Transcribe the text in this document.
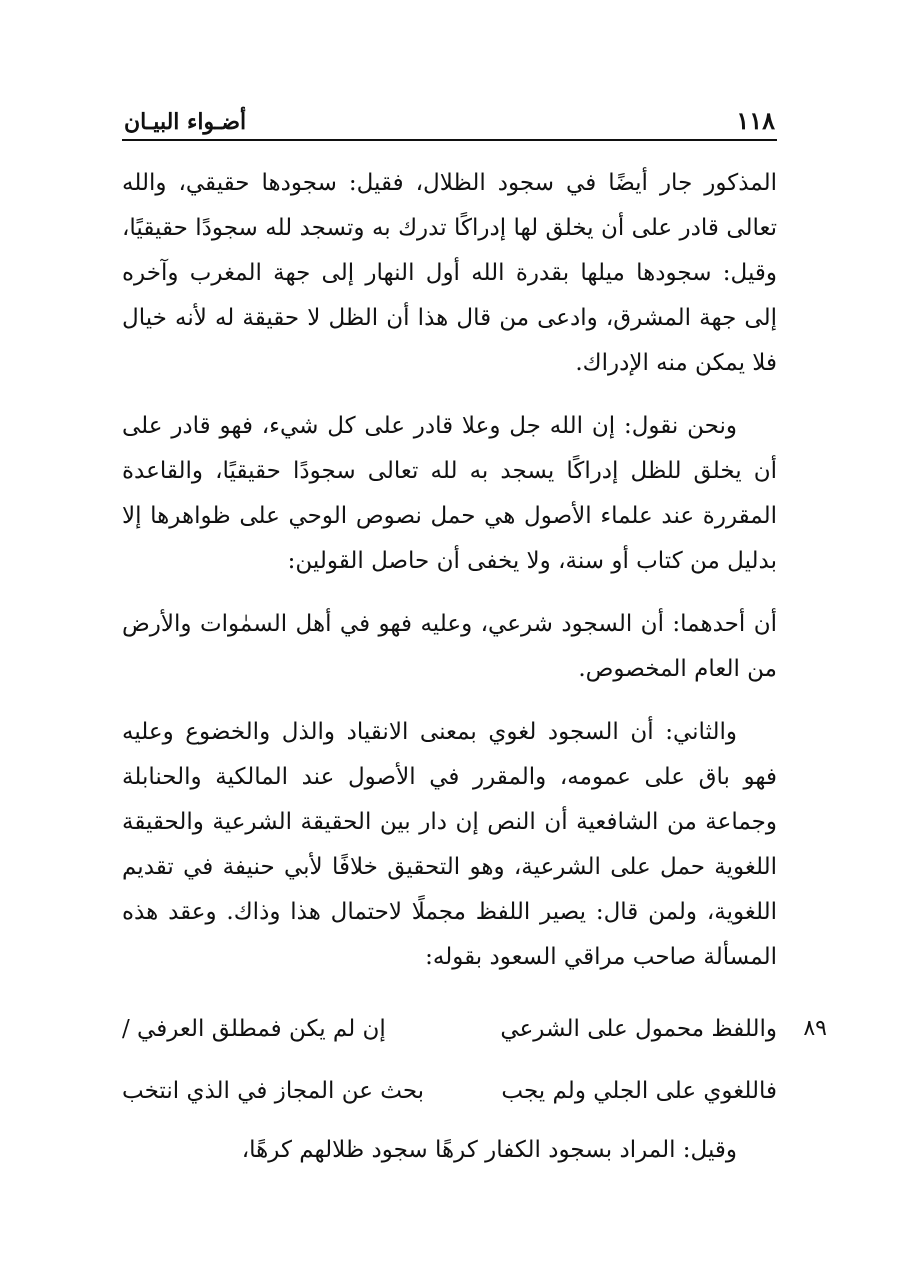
١١٨
أضـواء البيـان

المذكور جار أيضًا في سجود الظلال، فقيل: سجودها حقيقي، والله تعالى قادر على أن يخلق لها إدراكًا تدرك به وتسجد لله سجودًا حقيقيًا، وقيل: سجودها ميلها بقدرة الله أول النهار إلى جهة المغرب وآخره إلى جهة المشرق، وادعى من قال هذا أن الظل لا حقيقة له لأنه خيال فلا يمكن منه الإدراك.

ونحن نقول: إن الله جل وعلا قادر على كل شيء، فهو قادر على أن يخلق للظل إدراكًا يسجد به لله تعالى سجودًا حقيقيًا، والقاعدة المقررة عند علماء الأصول هي حمل نصوص الوحي على ظواهرها إلا بدليل من كتاب أو سنة، ولا يخفى أن حاصل القولين:

أن أحدهما: أن السجود شرعي، وعليه فهو في أهل السمٰوات والأرض من العام المخصوص.

والثاني: أن السجود لغوي بمعنى الانقياد والذل والخضوع وعليه فهو باق على عمومه، والمقرر في الأصول عند المالكية والحنابلة وجماعة من الشافعية أن النص إن دار بين الحقيقة الشرعية والحقيقة اللغوية حمل على الشرعية، وهو التحقيق خلافًا لأبي حنيفة في تقديم اللغوية، ولمن قال: يصير اللفظ مجملًا لاحتمال هذا وذاك. وعقد هذه المسألة صاحب مراقي السعود بقوله:

٨٩
واللفظ محمول على الشرعي
إن لم يكن فمطلق العرفي /
فاللغوي على الجلي ولم يجب
بحث عن المجاز في الذي انتخب

وقيل: المراد بسجود الكفار كرهًا سجود ظلالهم كرهًا،
